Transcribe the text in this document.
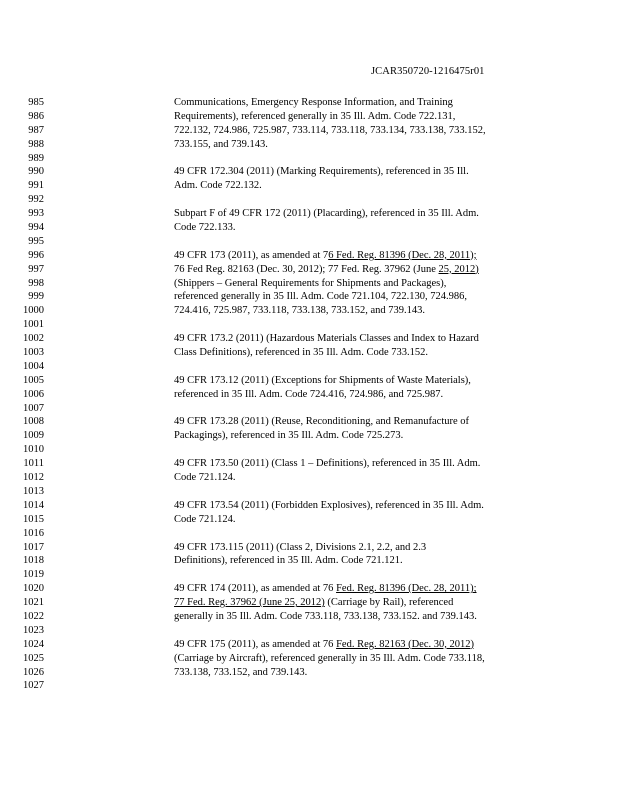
JCAR350720-1216475r01
985
986
987
988
989
990
991
992
993
994
995
996
997
998
999
1000
1001
1002
1003
1004
1005
1006
1007
1008
1009
1010
1011
1012
1013
1014
1015
1016
1017
1018
1019
1020
1021
1022
1023
1024
1025
1026
1027
Communications, Emergency Response Information, and Training
Requirements), referenced generally in 35 Ill. Adm. Code 722.131,
722.132, 724.986, 725.987, 733.114, 733.118, 733.134, 733.138, 733.152,
733.155, and 739.143.
49 CFR 172.304 (2011) (Marking Requirements), referenced in 35 Ill.
Adm. Code 722.132.
Subpart F of 49 CFR 172 (2011) (Placarding), referenced in 35 Ill. Adm.
Code 722.133.
49 CFR 173 (2011), as amended at 76 Fed. Reg. 81396 (Dec. 28, 2011);
76 Fed Reg. 82163 (Dec. 30, 2012); 77 Fed. Reg. 37962 (June 25, 2012)
(Shippers – General Requirements for Shipments and Packages),
referenced generally in 35 Ill. Adm. Code 721.104, 722.130, 724.986,
724.416, 725.987, 733.118, 733.138, 733.152, and 739.143.
49 CFR 173.2 (2011) (Hazardous Materials Classes and Index to Hazard
Class Definitions), referenced in 35 Ill. Adm. Code 733.152.
49 CFR 173.12 (2011) (Exceptions for Shipments of Waste Materials),
referenced in 35 Ill. Adm. Code 724.416, 724.986, and 725.987.
49 CFR 173.28 (2011) (Reuse, Reconditioning, and Remanufacture of
Packagings), referenced in 35 Ill. Adm. Code 725.273.
49 CFR 173.50 (2011) (Class 1 – Definitions), referenced in 35 Ill. Adm.
Code 721.124.
49 CFR 173.54 (2011) (Forbidden Explosives), referenced in 35 Ill. Adm.
Code 721.124.
49 CFR 173.115 (2011) (Class 2, Divisions 2.1, 2.2, and 2.3
Definitions), referenced in 35 Ill. Adm. Code 721.121.
49 CFR 174 (2011), as amended at 76 Fed. Reg. 81396 (Dec. 28, 2011);
77 Fed. Reg. 37962 (June 25, 2012) (Carriage by Rail), referenced
generally in 35 Ill. Adm. Code 733.118, 733.138, 733.152. and 739.143.
49 CFR 175 (2011), as amended at 76 Fed. Reg. 82163 (Dec. 30, 2012)
(Carriage by Aircraft), referenced generally in 35 Ill. Adm. Code 733.118,
733.138, 733.152, and 739.143.
